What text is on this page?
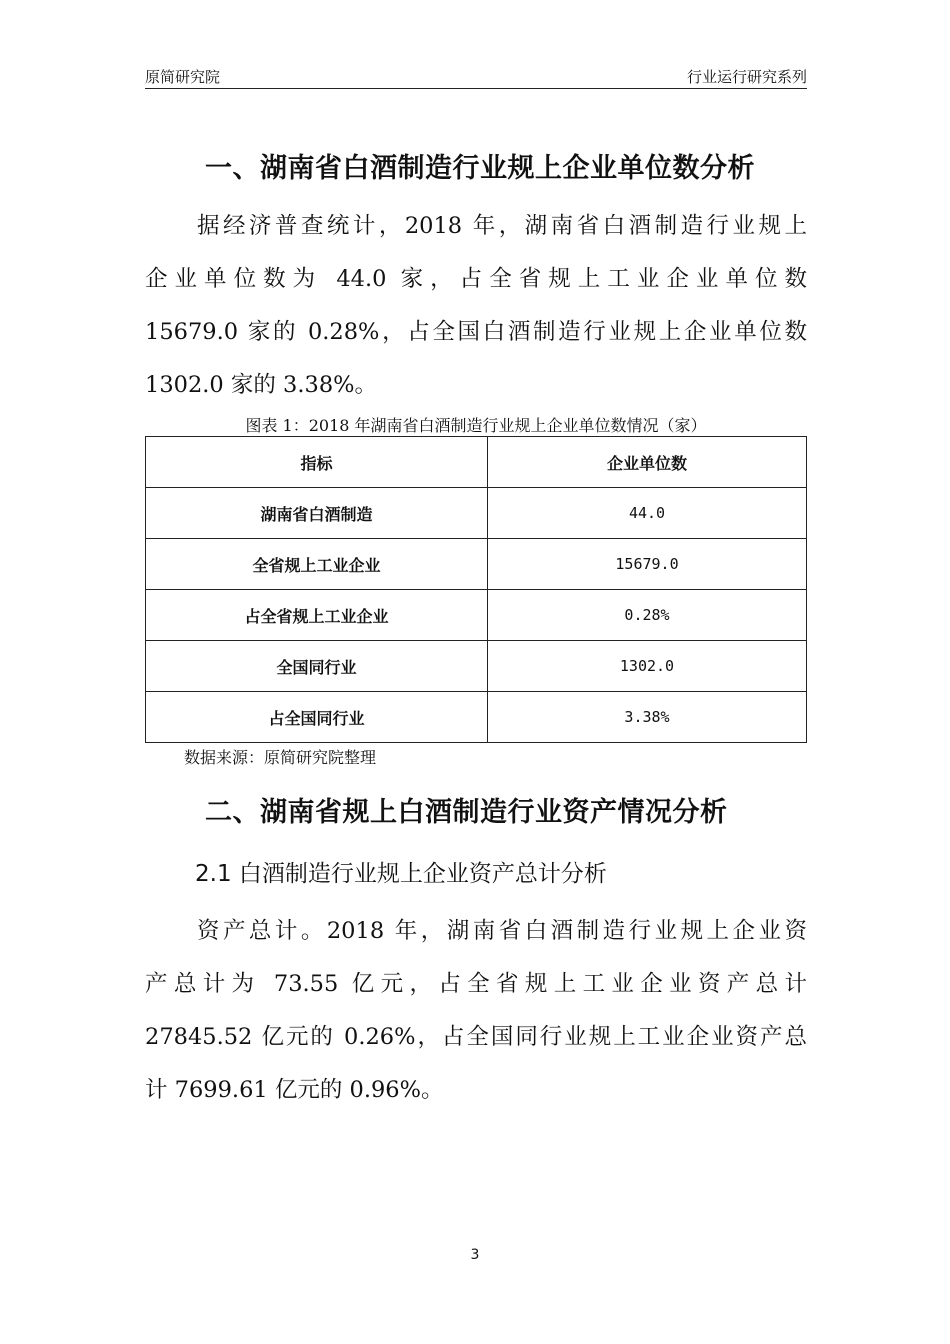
原简研究院	行业运行研究系列
一、湖南省白酒制造行业规上企业单位数分析
　　据经济普查统计，2018 年，湖南省白酒制造行业规上
企业单位数为 44.0 家，占全省规上工业企业单位数
15679.0 家的 0.28%，占全国白酒制造行业规上企业单位数
1302.0 家的 3.38%。
图表 1：2018 年湖南省白酒制造行业规上企业单位数情况（家）
指标	企业单位数
湖南省白酒制造	44.0
全省规上工业企业	15679.0
占全省规上工业企业	0.28%
全国同行业	1302.0
占全国同行业	3.38%
数据来源：原简研究院整理
二、湖南省规上白酒制造行业资产情况分析
2.1 白酒制造行业规上企业资产总计分析
　　资产总计。2018 年，湖南省白酒制造行业规上企业资
产总计为 73.55 亿元，占全省规上工业企业资产总计
27845.52 亿元的 0.26%，占全国同行业规上工业企业资产总
计 7699.61 亿元的 0.96%。
3
